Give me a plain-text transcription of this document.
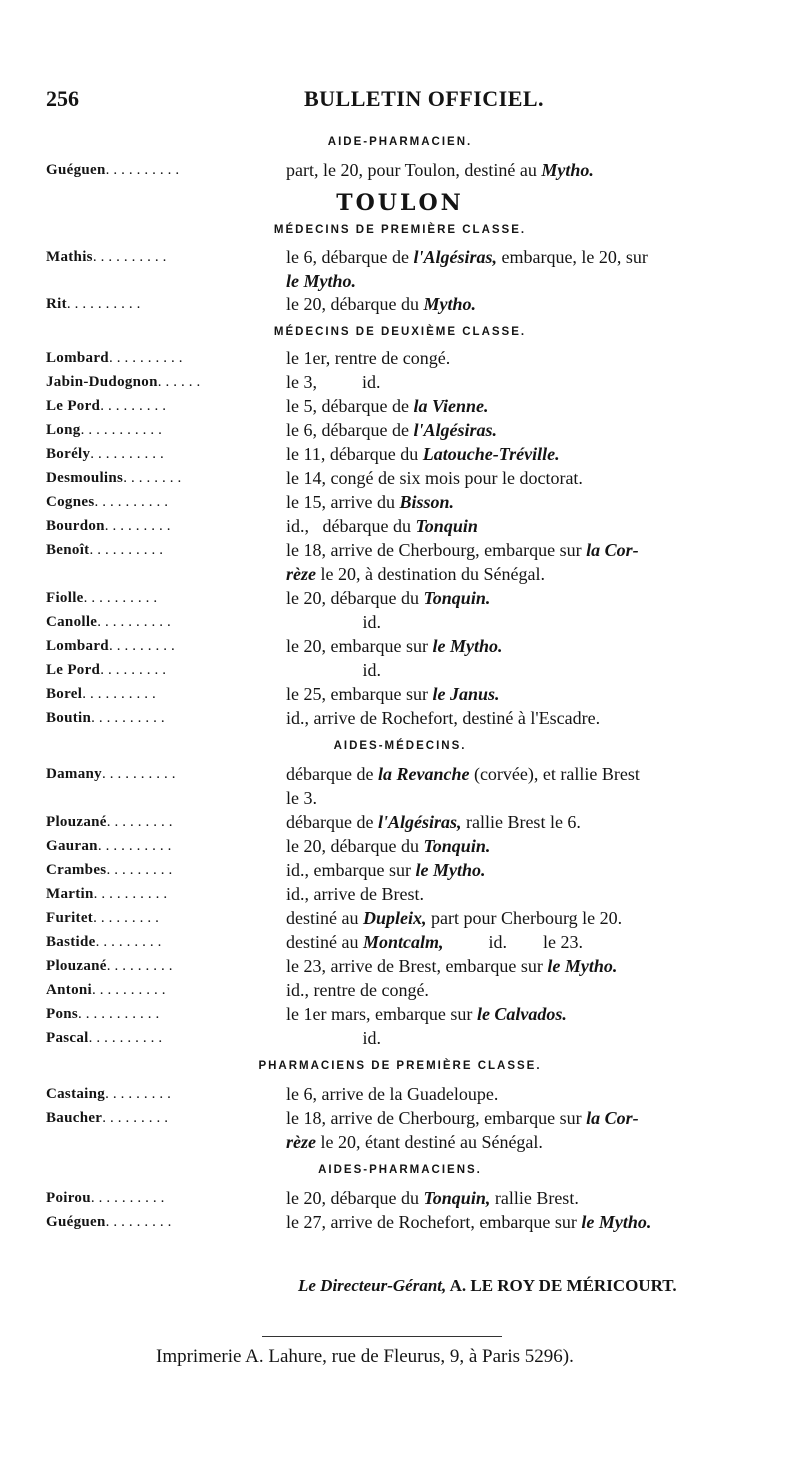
256	BULLETIN OFFICIEL.
AIDE-PHARMACIEN.
Guéguen..........	part, le 20, pour Toulon, destiné au Mytho.
TOULON
MÉDECINS DE PREMIÈRE CLASSE.
Mathis..........	le 6, débarque de l'Algésiras, embarque, le 20, sur
le Mytho.
Rit..........	le 20, débarque du Mytho.
MÉDECINS DE DEUXIÈME CLASSE.
Lombard..........	le 1er, rentre de congé.
Jabin-Dudognon......	le 3,          id.
Le Pord.........	le 5, débarque de la Vienne.
Long...........	le 6, débarque de l'Algésiras.
Borély..........	le 11, débarque du Latouche-Tréville.
Desmoulins........	le 14, congé de six mois pour le doctorat.
Cognes..........	le 15, arrive du Bisson.
Bourdon.........	id.,   débarque du Tonquin
Benoît..........	le 18, arrive de Cherbourg, embarque sur la Cor-
rèze le 20, à destination du Sénégal.
Fiolle..........	le 20, débarque du Tonquin.
Canolle..........	id.
Lombard.........	le 20, embarque sur le Mytho.
Le Pord.........	id.
Borel..........	le 25, embarque sur le Janus.
Boutin..........	id., arrive de Rochefort, destiné à l'Escadre.
AIDES-MÉDECINS.
Damany..........	débarque de la Revanche (corvée), et rallie Brest
le 3.
Plouzané.........	débarque de l'Algésiras, rallie Brest le 6.
Gauran..........	le 20, débarque du Tonquin.
Crambes.........	id., embarque sur le Mytho.
Martin..........	id., arrive de Brest.
Furitet.........	destiné au Dupleix, part pour Cherbourg le 20.
Bastide.........	destiné au Montcalm,          id.        le 23.
Plouzané.........	le 23, arrive de Brest, embarque sur le Mytho.
Antoni..........	id., rentre de congé.
Pons...........	le 1er mars, embarque sur le Calvados.
Pascal..........	id.
PHARMACIENS DE PREMIÈRE CLASSE.
Castaing.........	le 6, arrive de la Guadeloupe.
Baucher.........	le 18, arrive de Cherbourg, embarque sur la Cor-
rèze le 20, étant destiné au Sénégal.
AIDES-PHARMACIENS.
Poirou..........	le 20, débarque du Tonquin, rallie Brest.
Guéguen.........	le 27, arrive de Rochefort, embarque sur le Mytho.
Le Directeur-Gérant, A. LE ROY DE MÉRICOURT.
Imprimerie A. Lahure, rue de Fleurus, 9, à Paris 5296).
